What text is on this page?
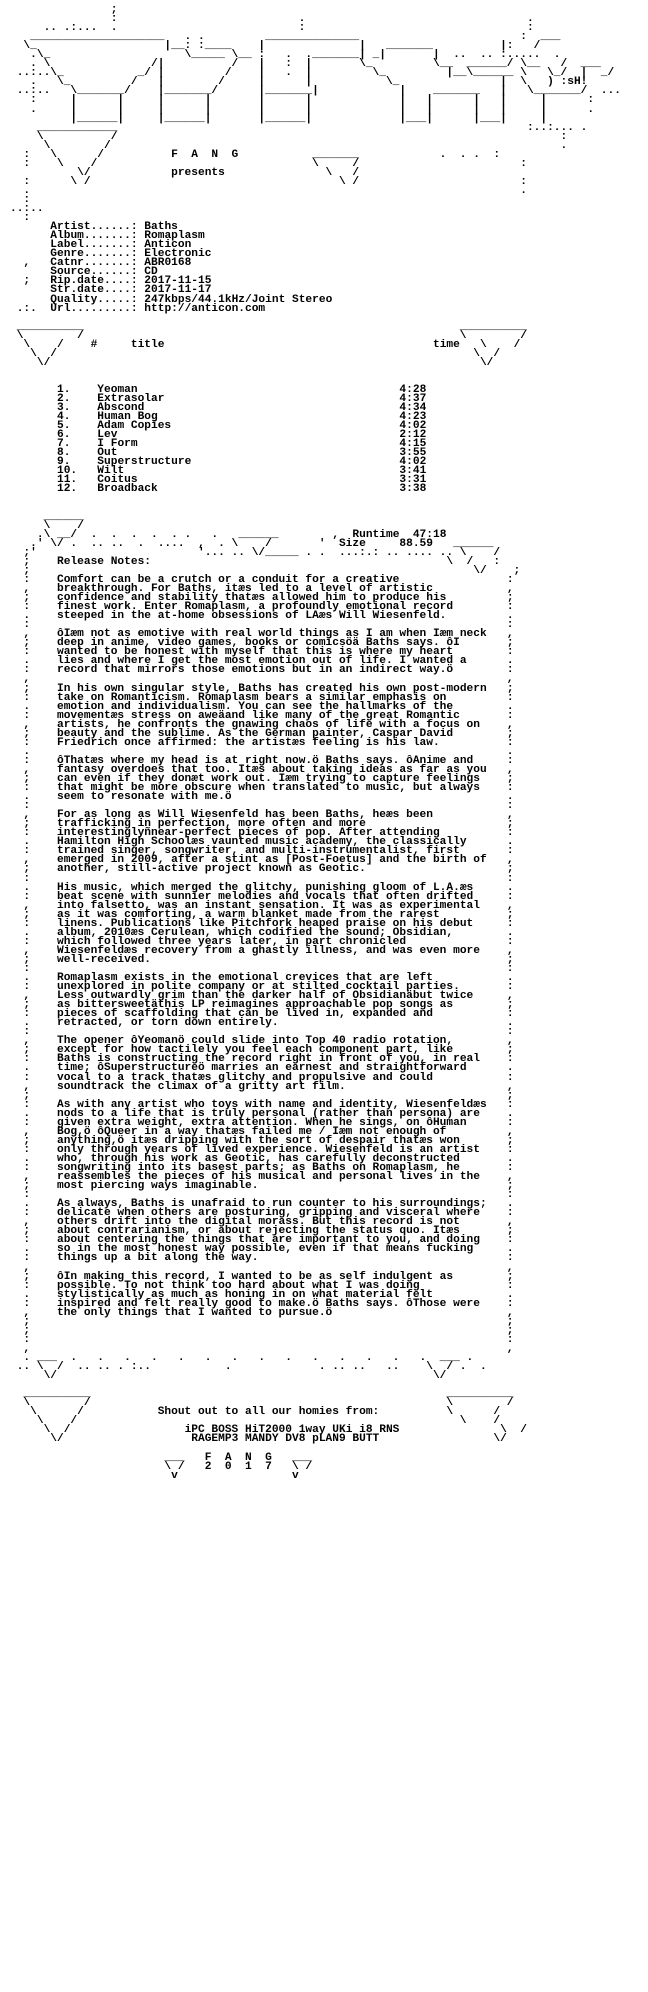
;
:                           .                                 .
.. .:...  .                           :                                 :
____________________   . .         ______________                        :  ___
\_                   |__: :____    |              |   _______          |:   /
.\_                    \_____ \__ :   .  ._______| _|       |  ..  .. :.....  .
. \               /|          /   |   :  |       \_         \__  ______/ \__   /  ___
..:..\_           _/ |         /    |   .  |         \_         |__\______ \   \_/  |  _/
.   \_         /   |        /     |      |           \_               |  \   ) :sH!
..:..   \_______/    |_______/      |_______|            |    _______   |   \_______/  ...
:     |      |     |      |       |      |             |   |      |   |     |      :
.     |      |     |      |       |      |             |   |      |   |     |      .
|______|     |______|       |______|             |___|      |___|     |
____________                                                             :..:... .
\          /                                                                  :
\        /                                                                   .
:   \      /          F  A  N  G           _______            .  . .  :
:    \    /                                \     /                        :
\/            presents               \   /
:      \ /                                     \ /                        :
.                                                                         .
:
..:..
:
Artist......: Baths
Album.......: Romaplasm
Label.......: Anticon
Genre.......: Electronic
,   Catnr.......: ABR0168
Source......: CD
;   Rip.date....: 2017-11-15
Str.date....: 2017-11-17
Quality.....: 247kbps/44.1kHz/Joint Stereo
.:.  Url.........: http://anticon.com

__________                                                        __________
\        /                                                        \        /
\    /    #	title                                        time   \    /
\  /                                                              \  /
\/                                                                \/

1.    Yeoman                                       4:28
2.    Extrasolar                                   4:37
3.    Abscond                                      4:34
4.    Human Bog                                    4:23
5.    Adam Copies                                  4:02
6.    Lev                                          2:12
7.    I Form                                       4:15
8.    Out                                          3:55
9.    Superstructure                               4:02
10.   Wilt                                         3:41
11.   Coitus                                       3:31
12.   Broadback                                    3:38

______
\    /
.\ __/  .  .  .  .  . .   .   ______        ,  Runtime 47:18
.' \/ .  .. ..  .  ....  ,  . \    /       '  Size	88.59   ______
;'                        '... .. \/_____ . .  ...:.: .. .... .. \    /
;    Release Notes:                                            \  /   :
;                                                                  \/    ;
:    Comfort can be a crutch or a conduit for a creative                :
,    breakthrough. For Baths, itæs led to a level of artistic           ,
;    confidence and stability thatæs allowed him to produce his         ;
:    finest work. Enter Romaplasm, a profoundly emotional record        :
.    steeped in the at-home obsessions of LAæs Will Wiesenfeld.         .
:                                                                       :
,    ôIæm not as emotive with real world things as I am when Iæm neck   ,
;    deep in anime, video games, books or comicsöä Baths says. ôI       ;
:    wanted to be honest with myself that this is where my heart        :
.    lies and where I get the most emotion out of life. I wanted a      .
:    record that mirrors those emotions but in an indirect way.ö        :
,                                                                       ,
;    In his own singular style, Baths has created his own post-modern   ;
:    take on Romanticism. Romaplasm bears a similar emphasis on         :
.    emotion and individualism. You can see the hallmarks of the        .
:    movementæs stress on aweäand like many of the great Romantic       :
,    artists, he confronts the gnawing chaos of life with a focus on    ,
;    beauty and the sublime. As the German painter, Caspar David        ;
:    Friedrich once affirmed: the artistæs feeling is his law.          :
.                                                                       .
:    ôThatæs where my head is at right now.ö Baths says. ôAnime and     :
,    fantasy overdoes that too. Itæs about taking ideas as far as you   ,
;    can even if they donæt work out. Iæm trying to capture feelings    ;
:    that might be more obscure when translated to music, but always    :
.    seem to resonate with me.ö                                         .
:                                                                       :
,    For as long as Will Wiesenfeld has been Baths, heæs been           ,
;    trafficking in perfection, more often and more                     ;
:    interestinglyñnear-perfect pieces of pop. After attending          :
.    Hamilton High Schoolæs vaunted music academy, the classically      .
:    trained singer, songwriter, and multi-instrumentalist, first       :
,    emerged in 2009, after a stint as [Post-Foetus] and the birth of   ,
;    another, still-active project known as Geotic.                     ;
:                                                                       :
.    His music, which merged the glitchy, punishing gloom of L.A.æs     .
:    beat scene with sunnier melodies and vocals that often drifted     :
,    into falsetto, was an instant sensation. It was as experimental    ,
;    as it was comforting, a warm blanket made from the rarest          ;
:    linens. Publications like Pitchfork heaped praise on his debut     :
.    album, 2010æs Cerulean, which codified the sound; Obsidian,        .
:    which followed three years later, in part chronicled               :
,    Wiesenfeldæs recovery from a ghastly illness, and was even more    ,
;    well-received.                                                     ;
:                                                                       :
.    Romaplasm exists in the emotional crevices that are left           .
:    unexplored in polite company or at stilted cocktail parties.       :
,    Less outwardly grim than the darker half of Obsidianäbut twice     ,
;    as bittersweetäthis LP reimagines approachable pop songs as        ;
:    pieces of scaffolding that can be lived in, expanded and           :
.    retracted, or torn down entirely.                                  .
:                                                                       :
,    The opener ôYeomanö could slide into Top 40 radio rotation,        ,
;    except for how tactilely you feel each component part, like        ;
:    Baths is constructing the record right in front of you, in real    :
.    time; ôSuperstructureö marries an earnest and straightforward      .
:    vocal to a track thatæs glitchy and propulsive and could           :
,    soundtrack the climax of a gritty art film.                        ,
;                                                                       ;
:    As with any artist who toys with name and identity, Wiesenfeldæs   :
.    nods to a life that is truly personal (rather than persona) are    .
:    given extra weight, extra attention. When he sings, on ôHuman      :
,    Bog,ö ôQueer in a way thatæs failed me / Iæm not enough of         ,
;    anything,ö itæs dripping with the sort of despair thatæs won       ;
:    only through years of lived experience. Wiesenfeld is an artist    :
.    who, through his work as Geotic, has carefully deconstructed       .
:    songwriting into its basest parts; as Baths on Romaplasm, he       :
,    reassembles the pieces of his musical and personal lives in the    ,
;    most piercing ways imaginable.                                     ;
:                                                                       :
.    As always, Baths is unafraid to run counter to his surroundings;   .
:    delicate when others are posturing, gripping and visceral where    :
,    others drift into the digital morass. But this record is not       ,
;    about contrarianism, or about rejecting the status quo. Itæs       ;
:    about centering the things that are important to you, and doing    :
.    so in the most honest way possible, even if that means fucking     .
:    things up a bit along the way.                                     :
,                                                                       ,
;    ôIn making this record, I wanted to be as self indulgent as        ;
:    possible. To not think too hard about what I was doing             :
.    stylistically as much as honing in on what material felt           .
:    inspired and felt really good to make.ö Baths says. ôThose were    :
,    the only things that I wanted to pursue.ö                          ,
;                                                                       ;
;                                                                       ;
:                                                                       :
,                                                                       ,
. ___  .   .   .   .   .   .   .   .   .   .   .   .   .   .  ___ .
.. \  /  .. .. . :..           .             . .. ..   ..    \  / .  .
\/                                                        \/

__________                                                     __________
\        /                                                     \        /
\      /           Shout out to all our homies from:          \      /
\    /                                                         \    /
\  /                 iPC BOSS HiT2000 1way UKi i8 RNS               \  /
\/                   RAGEMP3 MANDY DV8 pLAN9 BUTT                 \/

___   F  A  N  G   ___
\ /   2  0  1  7   \ /
v                 v
